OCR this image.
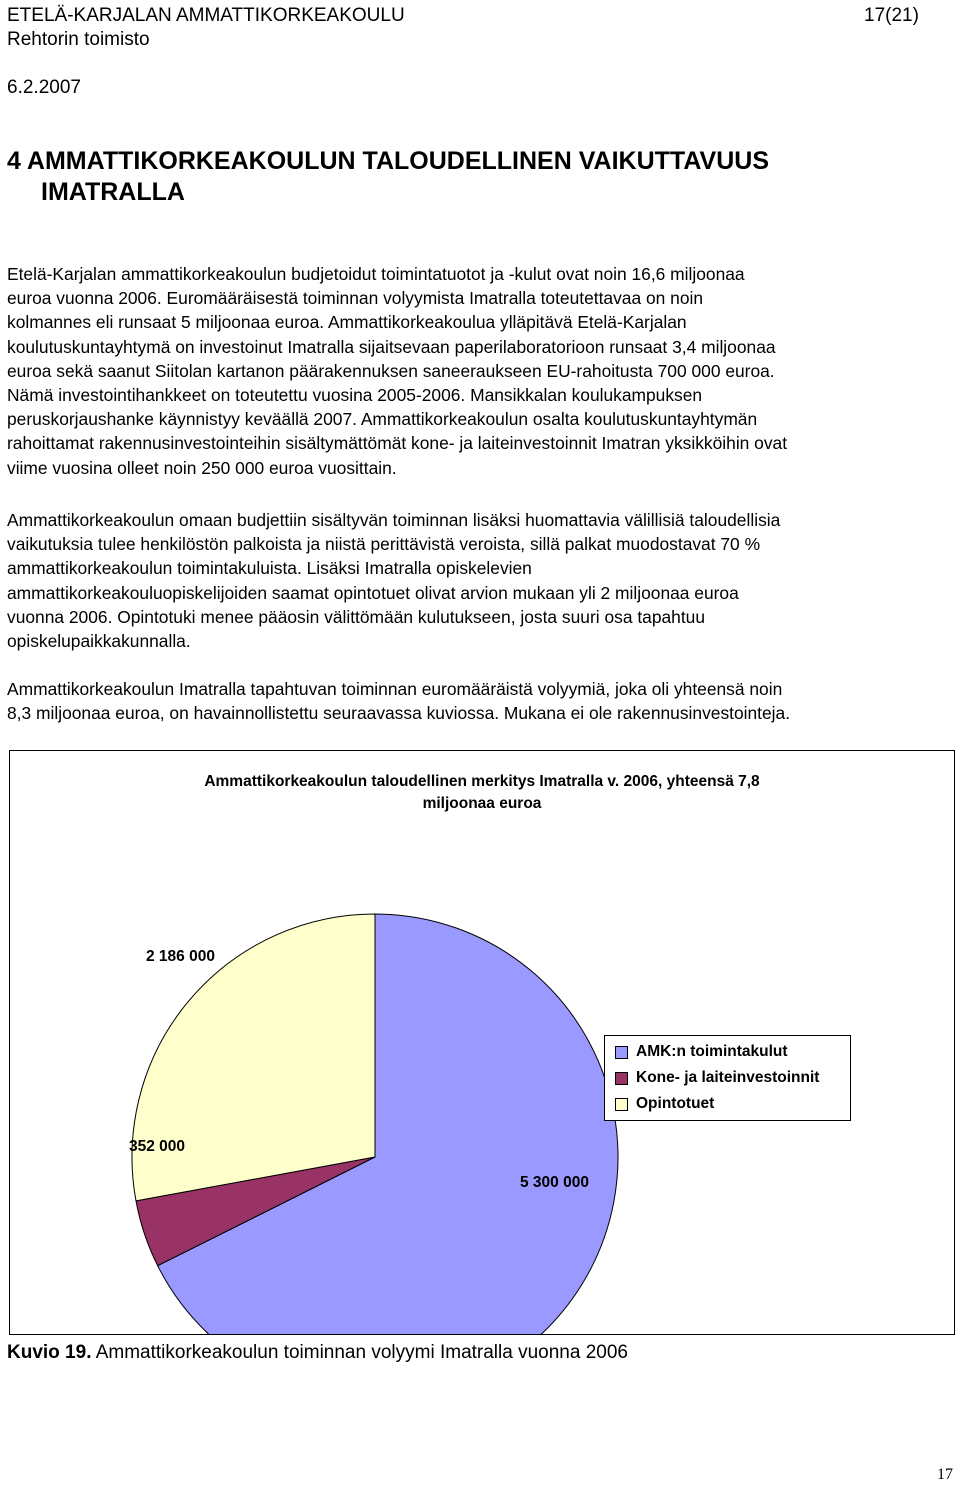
ETELÄ-KARJALAN AMMATTIKORKEAKOULU	17(21)
Rehtorin toimisto
6.2.2007
4 AMMATTIKORKEAKOULUN TALOUDELLINEN VAIKUTTAVUUS
IMATRALLA
Etelä-Karjalan ammattikorkeakoulun budjetoidut toimintatuotot ja -kulut ovat noin 16,6 miljoonaa
euroa vuonna 2006. Euromääräisestä toiminnan volyymista Imatralla toteutettavaa on noin
kolmannes eli runsaat 5 miljoonaa euroa. Ammattikorkeakoulua ylläpitävä Etelä-Karjalan
koulutuskuntayhtymä on investoinut Imatralla sijaitsevaan paperilaboratorioon runsaat 3,4 miljoonaa
euroa sekä saanut Siitolan kartanon päärakennuksen saneeraukseen EU-rahoitusta 700 000 euroa.
Nämä investointihankkeet on toteutettu vuosina 2005-2006. Mansikkalan koulukampuksen
peruskorjaushanke käynnistyy keväällä 2007. Ammattikorkeakoulun osalta koulutuskuntayhtymän
rahoittamat rakennusinvestointeihin sisältymättömät kone- ja laiteinvestoinnit Imatran yksikköihin ovat
viime vuosina olleet noin 250 000 euroa vuosittain.
Ammattikorkeakoulun omaan budjettiin sisältyvän toiminnan lisäksi huomattavia välillisiä taloudellisia
vaikutuksia tulee henkilöstön palkoista ja niistä perittävistä veroista, sillä palkat muodostavat 70 %
ammattikorkeakoulun toimintakuluista. Lisäksi Imatralla opiskelevien
ammattikorkeakouluopiskelijoiden saamat opintotuet olivat arvion mukaan yli 2 miljoonaa euroa
vuonna 2006. Opintotuki menee pääosin välittömään kulutukseen, josta suuri osa tapahtuu
opiskelupaikkakunnalla.
Ammattikorkeakoulun Imatralla tapahtuvan toiminnan euromääräistä volyymiä, joka oli yhteensä noin
8,3 miljoonaa euroa, on havainnollistettu seuraavassa kuviossa. Mukana ei ole rakennusinvestointeja.
Ammattikorkeakoulun taloudellinen merkitys Imatralla v. 2006, yhteensä 7,8
miljoonaa euroa
5 300 000
352 000
2 186 000
AMK:n toimintakulut
Kone- ja laiteinvestoinnit
Opintotuet
Kuvio 19. Ammattikorkeakoulun toiminnan volyymi Imatralla vuonna 2006
17
